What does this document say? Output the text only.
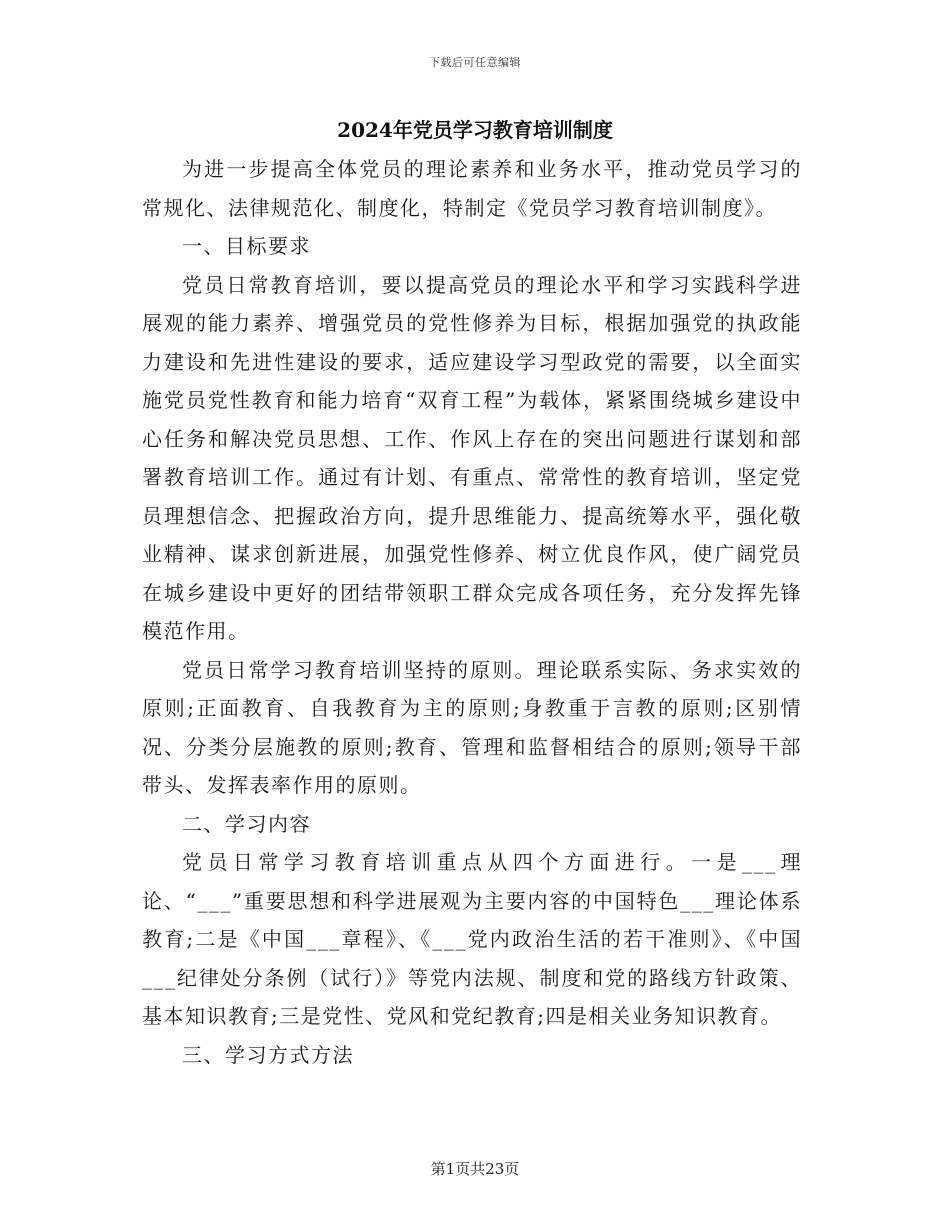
下载后可任意编辑
2024年党员学习教育培训制度

为进一步提高全体党员的理论素养和业务水平，推动党员学习的常规化、法律规范化、制度化，特制定《党员学习教育培训制度》。

一、目标要求

党员日常教育培训，要以提高党员的理论水平和学习实践科学进展观的能力素养、增强党员的党性修养为目标，根据加强党的执政能力建设和先进性建设的要求，适应建设学习型政党的需要，以全面实施党员党性教育和能力培育“双育工程”为载体，紧紧围绕城乡建设中心任务和解决党员思想、工作、作风上存在的突出问题进行谋划和部署教育培训工作。通过有计划、有重点、常常性的教育培训，坚定党员理想信念、把握政治方向，提升思维能力、提高统筹水平，强化敬业精神、谋求创新进展，加强党性修养、树立优良作风，使广阔党员在城乡建设中更好的团结带领职工群众完成各项任务，充分发挥先锋模范作用。

党员日常学习教育培训坚持的原则。理论联系实际、务求实效的原则;正面教育、自我教育为主的原则;身教重于言教的原则;区别情况、分类分层施教的原则;教育、管理和监督相结合的原则;领导干部带头、发挥表率作用的原则。

二、学习内容

党员日常学习教育培训重点从四个方面进行。一是___理论、“___”重要思想和科学进展观为主要内容的中国特色___理论体系教育;二是《中国___章程》、《___党内政治生活的若干准则》、《中国___纪律处分条例（试行）》等党内法规、制度和党的路线方针政策、基本知识教育;三是党性、党风和党纪教育;四是相关业务知识教育。

三、学习方式方法

第1页共23页
